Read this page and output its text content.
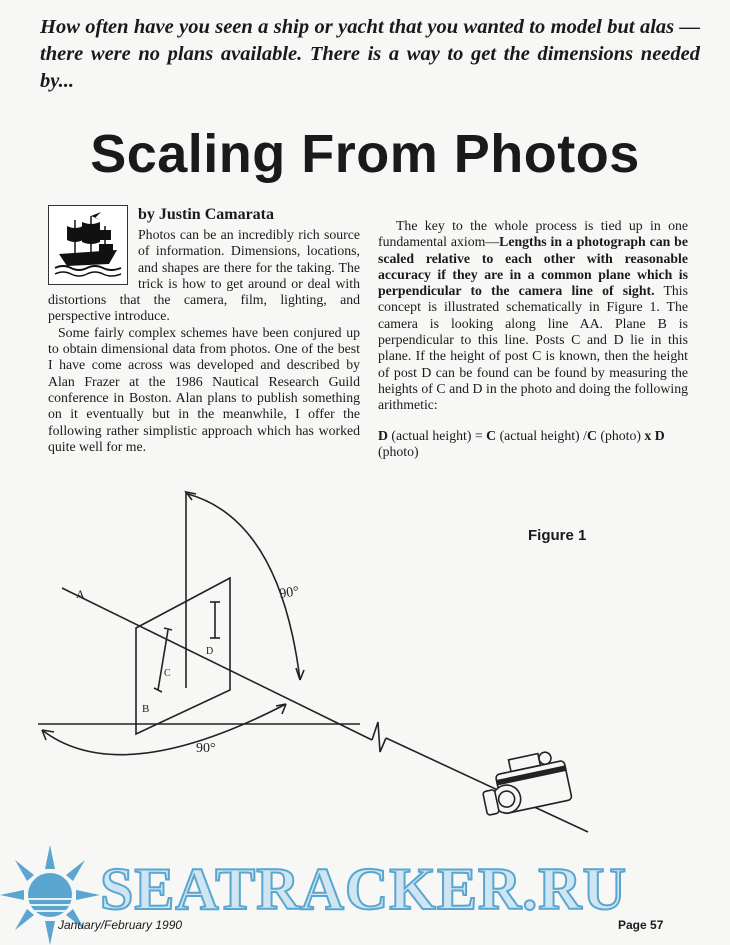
How often have you seen a ship or yacht that you wanted to model but alas — there were no plans available. There is a way to get the dimensions needed by...

Scaling From Photos
by Justin Camarata

Photos can be an incredibly rich source of information. Dimensions, locations, and shapes are there for the taking. The trick is how to get around or deal with distortions that the camera, film, lighting, and perspective introduce.

Some fairly complex schemes have been conjured up to obtain dimensional data from photos. One of the best I have come across was developed and described by Alan Frazer at the 1986 Nautical Research Guild conference in Boston. Alan plans to publish something on it eventually but in the meanwhile, I offer the following rather simplistic approach which has worked quite well for me.

The key to the whole process is tied up in one fundamental axiom—Lengths in a photograph can be scaled relative to each other with reasonable accuracy if they are in a common plane which is perpendicular to the camera line of sight. This concept is illustrated schematically in Figure 1. The camera is looking along line AA. Plane B is perpendicular to this line. Posts C and D lie in this plane. If the height of post C is known, then the height of post D can be found can be found by measuring the heights of C and D in the photo and doing the following arithmetic:

D (actual height) = C (actual height) /C (photo) x D
(photo)

Figure 1
90°
90°
A
B
C
D
SEATRACKER.RU
January/February 1990	Page 57
